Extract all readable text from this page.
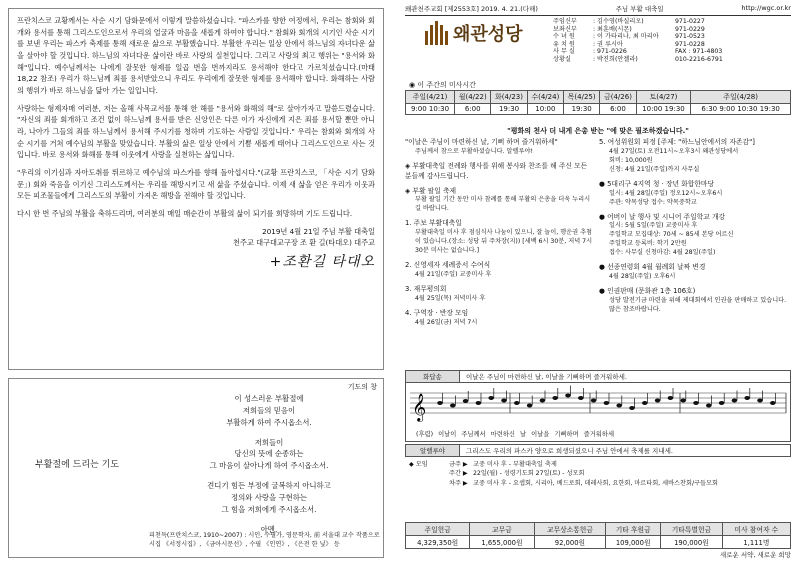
프란치스코 교황께서는 사순 시기 담화문에서 이렇게 말씀하셨습니다. "파스카를 향한 여정에서, 우리는 참회와 회개와 용서를 통해 그리스도인으로서 우리의 얼굴과 마음을 새롭게 하여야 합니다." 참회와 회개의 시기인 사순 시기를 보낸 우리는 파스카 축제를 통해 새로운 삶으로 부활했습니다. 부활한 우리는 일상 안에서 하느님의 자녀다운 삶을 살아야 할 것입니다. 하느님의 자녀다운 삶이란 바로 사랑의 실천입니다. 그리고 사랑의 최고 행위는 "용서와 화해"입니다. 예수님께서는 나에게 잘못한 형제를 일곱 번을 번까지라도 용서해야 한다고 가르치셨습니다.(마태 18,22 참조) 우리가 하느님께 죄를 용서받았으니 우리도 우리에게 잘못한 형제를 용서해야 합니다. 화해하는 사람의 행위가 바로 하느님을 닮아 가는 일입니다.

사랑하는 형제자매 여러분, 저는 올해 사목교서를 통해 한 해를 "용서와 화해의 해"로 살아가자고 말씀드렸습니다. "자신의 죄를 회개하고 조건 없이 하느님께 용서를 받은 신앙인은 다른 이가 자신에게 지은 죄를 용서할 뿐만 아니라, 나아가 그들의 죄를 하느님께서 용서해 주시기를 청하며 기도하는 사람일 것입니다." 우리는 참회와 회개의 사순 시기를 거쳐 예수님의 부활을 맞았습니다. 부활의 삶은 일상 안에서 기쁨 새롭게 태어나 그리스도인으로 사는 것입니다. 바로 용서와 화해를 통해 이웃에게 사랑을 실천하는 삶입니다.

"우리의 이기심과 자아도취를 뛰르하고 예수님의 파스카를 향해 돌아섭시다."(교황 프란치스코, 「사순 시기 담화문」) 회와 죽음을 이기신 그리스도께서는 우리를 해방시키고 새 삶을 주셨습니다. 이제 새 삶을 얻은 우리가 이웃과 모든 피조물들에게 그리스도의 부활이 가져온 해방을 전해야 할 것입니다.

다시 한 번 주님의 부활을 축하드리며, 여러분의 매일 매순간이 부활의 삶이 되기를 희망하며 기도 드립니다.

2019년 4월 21일 주님 부활 대축일
천주교 대구대교구장 조 환 길(타대오) 대주교
+조환길 타대오
기도의 창
부활절에 드리는 기도
이 성스러운 부활절에
저희들의 믿음이
부활하게 하여 주시옵소서.
저희들이
당신의 뜻에 순종하는
그 마음이 살아나게 하여 주시옵소서.
견디기 힘든 부정에 굴복하지 아니하고
정의와 사랑을 구현하는
그 힘을 저희에게 주시옵소서.
아멘.
피천득(프란치스코, 1910~2007) : 시인, 수필가, 영문학자, 前 서울대 교수 작품으로 시집 《서정시집》, 《금아시문선》, 수필 《인연》, 《은전 한 닢》 등
왜관천주교회 [제2553호] 2019. 4. 21.(다해)	주님 부활 대축일	http://wgc.or.kr
왜관성당
주임신부	: 김수영(바실리오)	971-0227
보좌신부	: 최훈배(시몬)	971-0229
수 녀 원	: 이 가타리나, 최 마리아	971-0523
유 치 원	: 권 루시아	971-0228
사 무 실	: 971-0226	FAX : 971-4803
상황실	: 박진희(안젤라)	010-2216-6791
◉ 이 주간의 미사시간
주일(4/21)	월(4/22)	화(4/23)	수(4/24)	목(4/25)	금(4/26)	토(4/27)	주일(4/28)
9:00 10:30	6:00	19:30	10:00	19:30	6:00	10:00 19:30	6:30 9:00 10:30 19:30
"평화의 천사 더 내게 은총 받는 "에 맞은 필조하겠습니다."
"이날은 주님이 마련하신 날, 기뻐 하며 즐거워하세"
주님께서 참으로 부활하셨습니다. 알렐루야!
◈ 부활대축일 전례와 행사를 위해 봉사와 찬조를 해 주신 모든 분들께 감사드립니다.
◈ 부활 팔일 축제
부활 팔일 기간 동안 미사 참례를 통해 부활의 은총을 더욱 누리시길 바랍니다.
1. 주보 부활대축일
부활대축일 미사 후 점심식사 나눔이 있으니, 잘 놀이, 행운권 추첨이 있습니다.(장소: 성당 뒤 주차장(지)) [세백 6시 30분, 저녁 7시 30분 미사는 없습니다.]
2. 신영세자 세례증서 수여식
4월 21일(주일) 교중미사 후
3. 재무평의회
4월 25일(목) 저녁미사 후
4. 구역장 · 반장 모임
4월 26일(금) 저녁 7시
5. 여성위원회 피정 [주제: "하느님안에서의 자존감"]
4월 27일(토) 오전11시~오후3시 왜관성당에서
회비: 10,000원
신청: 4월 21일(주일)까지 사무실
● 5대리구 4지역 청 · 장년 화합한마당
일시: 4월 28일(주일) 정오12시~오후6시
주관: 약목성당 접수: 약목중학교
● 어버이 날 행사 및 시니어 주일학교 개강
일시: 5월 5일(주일) 교중미사 후
주일학교 모집대상: 70세 ~ 85세 본당 어르신
주일학교 등록비: 학기 2만원
접수: 사무실 신청마감: 4월 28일(주일)
● 선종연령회 4월 월례회 날짜 변경
4월 28일(주일) 오후6시
● 인권판매 (문화관 1층 106호)
성당 발전기금 마련을 위해 제대회에서 인권을 판매하고 있습니다. 많은 참조바랍니다.
화답송	이날은 주님이 마련하신 날, 이날을 기뻐하며 즐거워하세.
𝄞
(후렴) 이날이 주님께서 마련하신 날 이날을 기뻐하며 즐거워하세
알렐루야	그리스도 우리의 파스카 양으로 희생되셨으니 주님 안에서 축제를 지내세.
◆ 모임	금주 ▶ 교중 미사 후 - 부활대축일 축제
주간 ▶ 22일(월) - 성령기도회 27일(토) - 성모회
차주 ▶ 교중 미사 후 - 요셉회, 시리아, 베드로회, 데레사회, 요한회, 마르타회, 세바스찬회/구들모회
주일헌금	교무금	교무상소통헌금	기타 후원금	기타특별헌금	미사 참여자 수
4,329,350원	1,655,000원	92,000원	109,000원	190,000원	1,111명
새로운 서약, 새로운 희망
